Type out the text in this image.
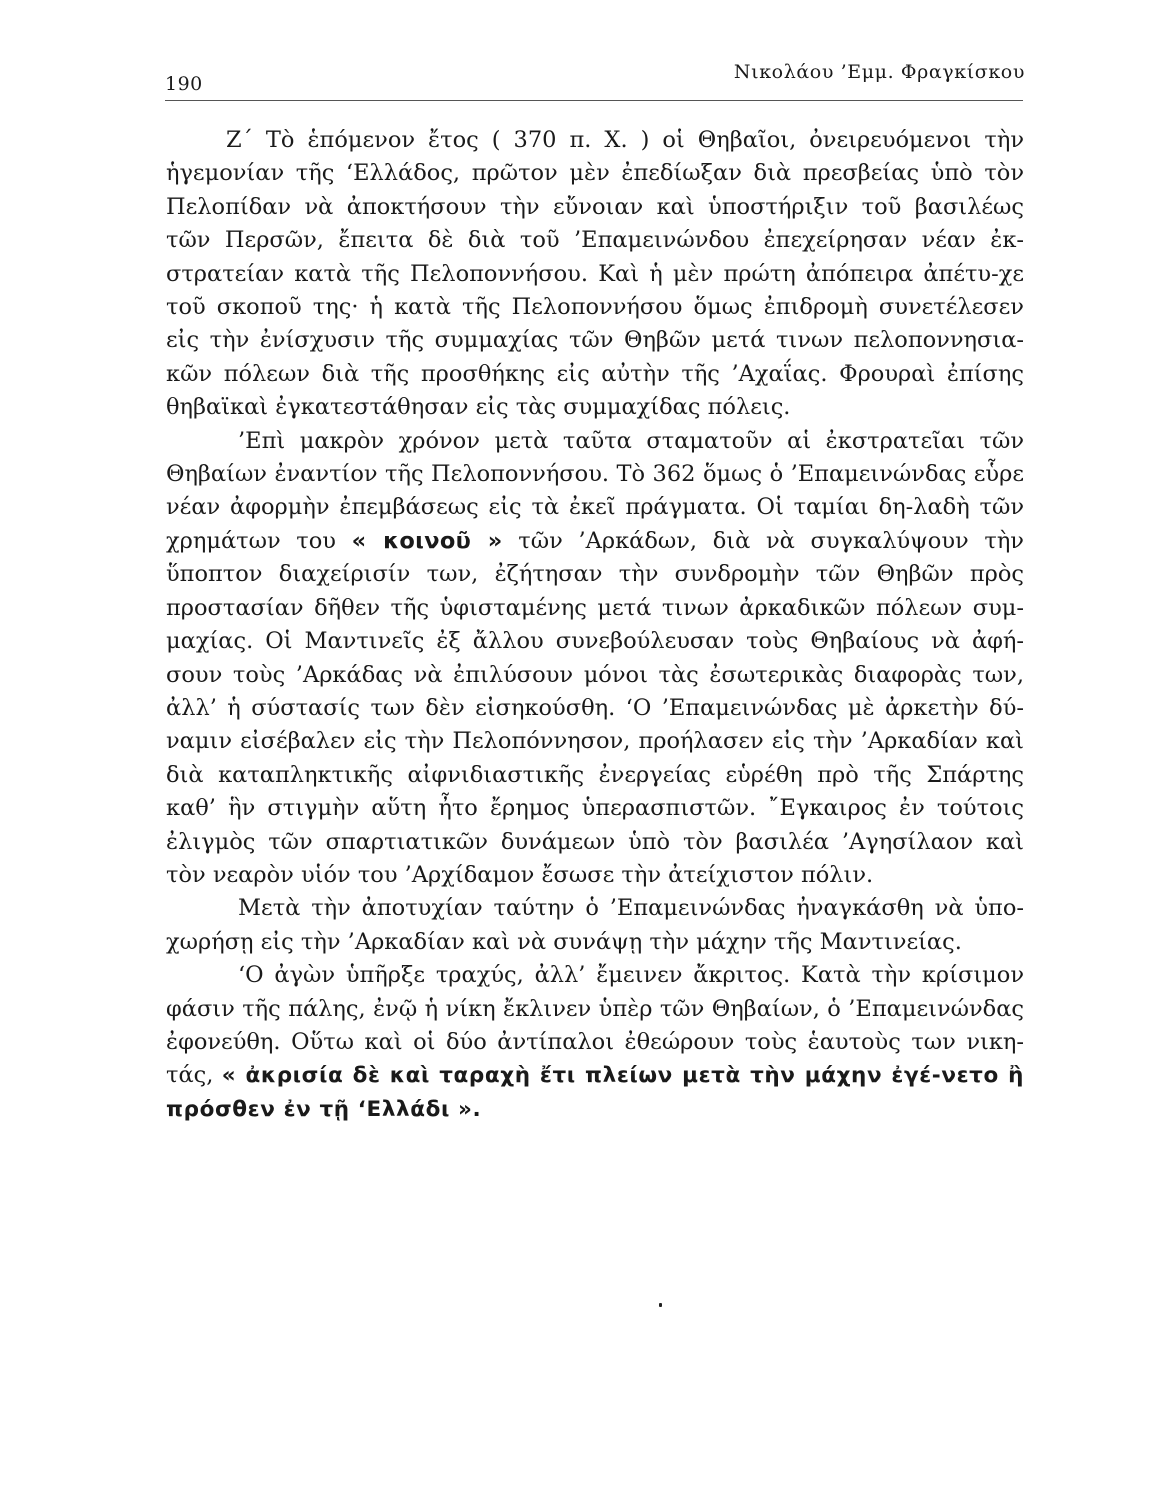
190
Νικολάου ’Εμμ. Φραγκίσκου

Ζ΄ Τὸ ἑπόμενον ἔτος ( 370 π. Χ. ) οἱ Θηβαῖοι, ὀνειρευόμενοι τὴν ἡγεμονίαν τῆς ‘Ελλάδος, πρῶτον μὲν ἐπεδίωξαν διὰ πρεσβείας ὑπὸ τὸν Πελοπίδαν νὰ ἀποκτήσουν τὴν εὔνοιαν καὶ ὑποστήριξιν τοῦ βασιλέως τῶν Περσῶν, ἔπειτα δὲ διὰ τοῦ ’Επαμεινώνδου ἐπεχείρησαν νέαν ἐκ-στρατείαν κατὰ τῆς Πελοποννήσου. Καὶ ἡ μὲν πρώτη ἀπόπειρα ἀπέτυ-χε τοῦ σκοποῦ της· ἡ κατὰ τῆς Πελοποννήσου ὅμως ἐπιδρομὴ συνετέλεσεν εἰς τὴν ἐνίσχυσιν τῆς συμμαχίας τῶν Θηβῶν μετά τινων πελοποννησια-κῶν πόλεων διὰ τῆς προσθήκης εἰς αὐτὴν τῆς ’Αχαΐας. Φρουραὶ ἐπίσης θηβαϊκαὶ ἐγκατεστάθησαν εἰς τὰς συμμαχίδας πόλεις.

’Επὶ μακρὸν χρόνον μετὰ ταῦτα σταματοῦν αἱ ἐκστρατεῖαι τῶν Θηβαίων ἐναντίον τῆς Πελοποννήσου. Τὸ 362 ὅμως ὁ ’Επαμεινώνδας εὗρε νέαν ἀφορμὴν ἐπεμβάσεως εἰς τὰ ἐκεῖ πράγματα. Οἱ ταμίαι δη-λαδὴ τῶν χρημάτων του « κοινοῦ » τῶν ’Αρκάδων, διὰ νὰ συγκαλύψουν τὴν ὕποπτον διαχείρισίν των, ἐζήτησαν τὴν συνδρομὴν τῶν Θηβῶν πρὸς προστασίαν δῆθεν τῆς ὑφισταμένης μετά τινων ἀρκαδικῶν πόλεων συμ-μαχίας. Οἱ Μαντινεῖς ἐξ ἄλλου συνεβούλευσαν τοὺς Θηβαίους νὰ ἀφή-σουν τοὺς ’Αρκάδας νὰ ἐπιλύσουν μόνοι τὰς ἐσωτερικὰς διαφορὰς των, ἀλλ’ ἡ σύστασίς των δὲν εἰσηκούσθη. ‘Ο ’Επαμεινώνδας μὲ ἀρκετὴν δύ-ναμιν εἰσέβαλεν εἰς τὴν Πελοπόννησον, προήλασεν εἰς τὴν ’Αρκαδίαν καὶ διὰ καταπληκτικῆς αἰφνιδιαστικῆς ἐνεργείας εὑρέθη πρὸ τῆς Σπάρτης καθ’ ἣν στιγμὴν αὕτη ἦτο ἔρημος ὑπερασπιστῶν. ῎Εγκαιρος ἐν τούτοις ἐλιγμὸς τῶν σπαρτιατικῶν δυνάμεων ὑπὸ τὸν βασιλέα ’Αγησίλαον καὶ τὸν νεαρὸν υἱόν του ’Αρχίδαμον ἔσωσε τὴν ἀτείχιστον πόλιν.

Μετὰ τὴν ἀποτυχίαν ταύτην ὁ ’Επαμεινώνδας ἠναγκάσθη νὰ ὑπο-χωρήσῃ εἰς τὴν ’Αρκαδίαν καὶ νὰ συνάψῃ τὴν μάχην τῆς Μαντινείας.

‘Ο ἀγὼν ὑπῆρξε τραχύς, ἀλλ’ ἔμεινεν ἄκριτος. Κατὰ τὴν κρίσιμον φάσιν τῆς πάλης, ἐνῷ ἡ νίκη ἔκλινεν ὑπὲρ τῶν Θηβαίων, ὁ ’Επαμεινώνδας ἐφονεύθη. Οὕτω καὶ οἱ δύο ἀντίπαλοι ἐθεώρουν τοὺς ἑαυτοὺς των νικη-τάς, « ἀκρισία δὲ καὶ ταραχὴ ἔτι πλείων μετὰ τὴν μάχην ἐγέ-νετο ἢ πρόσθεν ἐν τῇ ‘Ελλάδι ».
